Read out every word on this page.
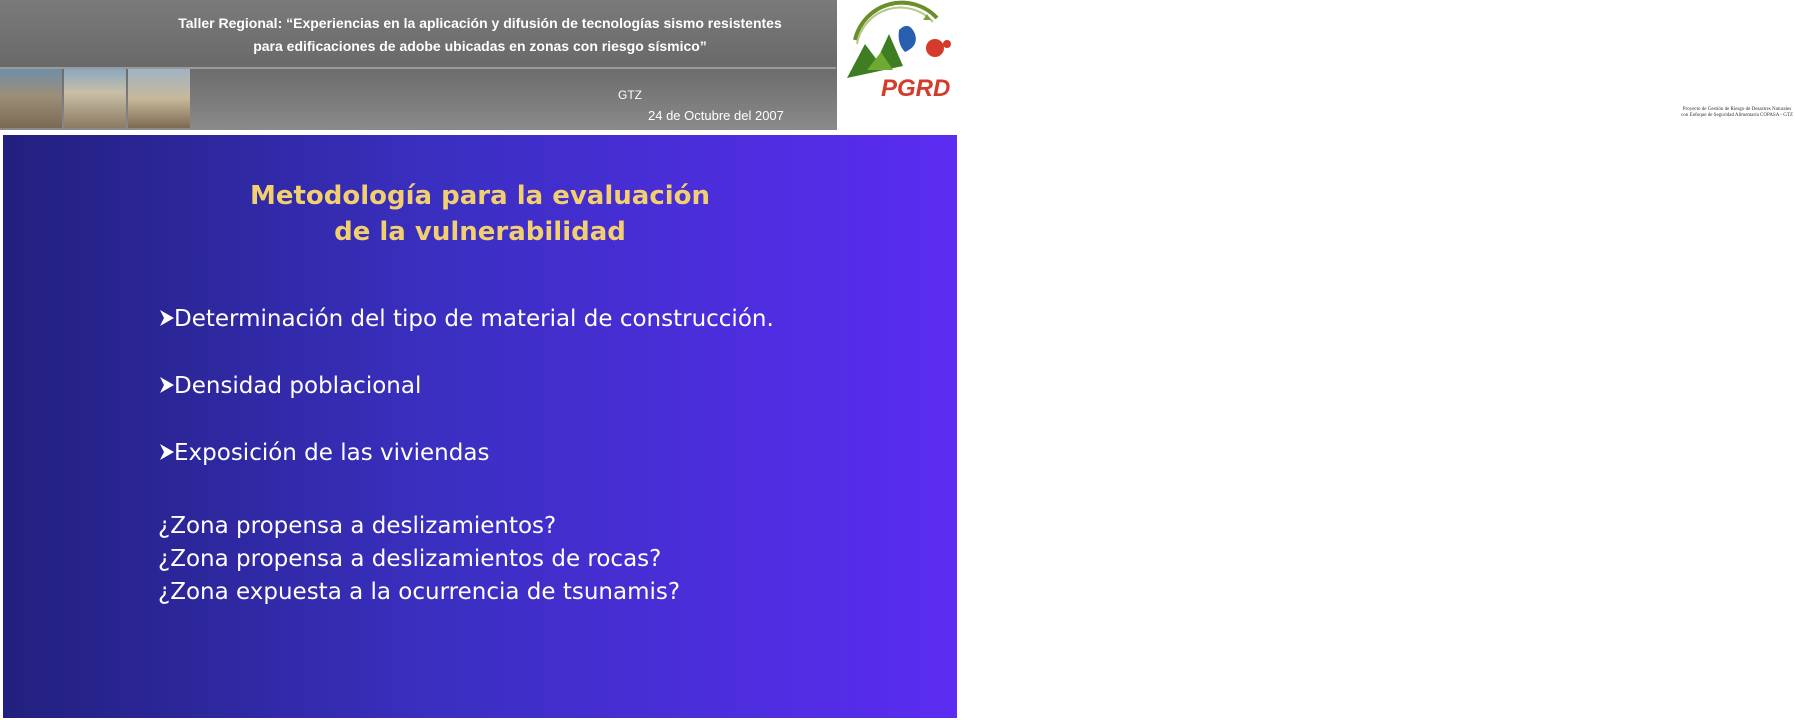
Taller Regional: “Experiencias en la aplicación y difusión de tecnologías sismo resistentes
para edificaciones de adobe ubicadas en zonas con riesgo sísmico”
GTZ
24 de Octubre del 2007
PGRD
Proyecto de Gestión de Riesgo de Desastres Naturales con Enfoque de Seguridad Alimentaria COPASA - GTZ
Metodología para la evaluación
de la vulnerabilidad
Determinación del tipo de material de construcción.
Densidad poblacional
Exposición de las viviendas
¿Zona propensa a deslizamientos?
¿Zona propensa a deslizamientos de rocas?
¿Zona expuesta a la ocurrencia de tsunamis?
